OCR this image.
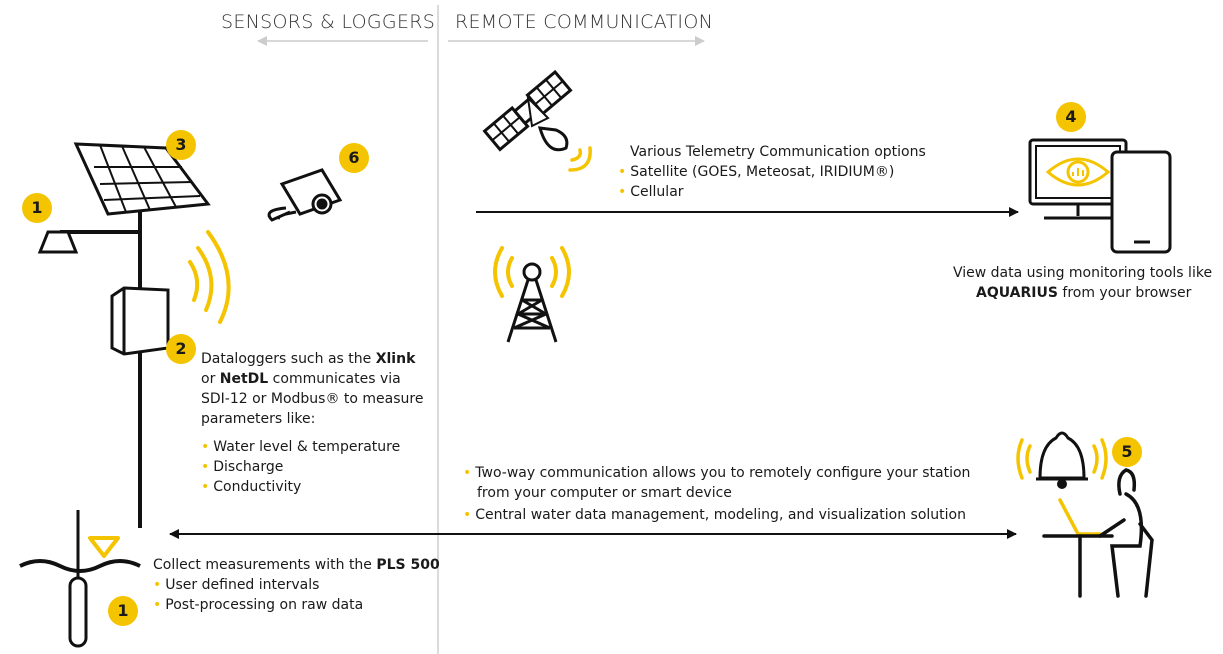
SENSORS & LOGGERS REMOTE COMMUNICATION
1
3
6
2
4
5
1
Various Telemetry Communication options
• Satellite (GOES, Meteosat, IRIDIUM®)
• Cellular
View data using monitoring tools like
AQUARIUS from your browser
Dataloggers such as the Xlink
or NetDL communicates via
SDI-12 or Modbus® to measure
parameters like:
• Water level & temperature
• Discharge
• Conductivity
• Two-way communication allows you to remotely configure your station
from your computer or smart device
• Central water data management, modeling, and visualization solution
Collect measurements with the PLS 500
• User defined intervals
• Post-processing on raw data
